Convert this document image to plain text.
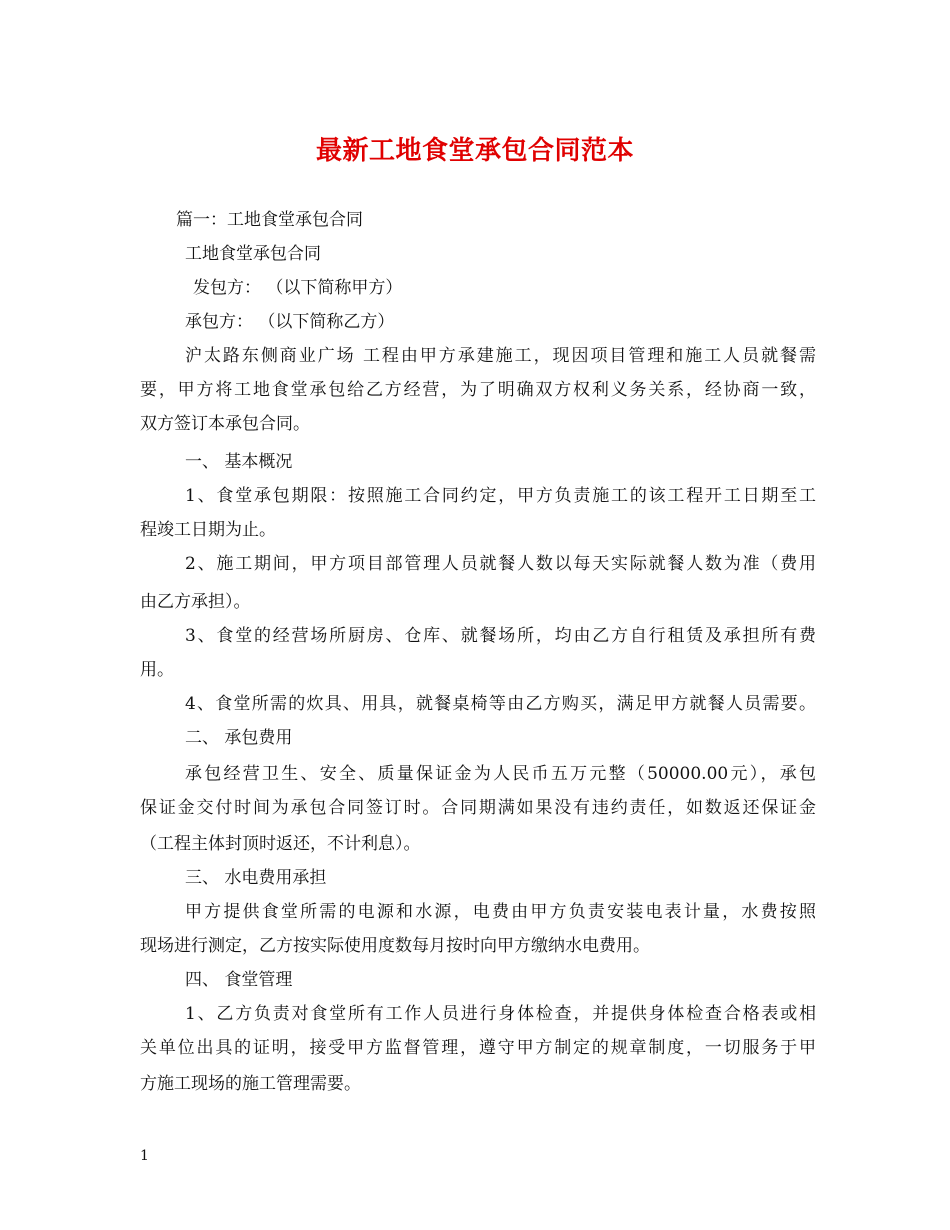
最新工地食堂承包合同范本
篇一：工地食堂承包合同
工地食堂承包合同
发包方： （以下简称甲方）
承包方： （以下简称乙方）
沪太路东侧商业广场 工程由甲方承建施工，现因项目管理和施工人员就餐需
要，甲方将工地食堂承包给乙方经营，为了明确双方权利义务关系，经协商一致，
双方签订本承包合同。
一、 基本概况
1、食堂承包期限：按照施工合同约定，甲方负责施工的该工程开工日期至工
程竣工日期为止。
2、施工期间，甲方项目部管理人员就餐人数以每天实际就餐人数为准（费用
由乙方承担）。
3、食堂的经营场所厨房、仓库、就餐场所，均由乙方自行租赁及承担所有费
用。
4、食堂所需的炊具、用具，就餐桌椅等由乙方购买，满足甲方就餐人员需要。
二、 承包费用
承包经营卫生、安全、质量保证金为人民币五万元整（50000.00元），承包
保证金交付时间为承包合同签订时。合同期满如果没有违约责任，如数返还保证金
（工程主体封顶时返还，不计利息）。
三、 水电费用承担
甲方提供食堂所需的电源和水源，电费由甲方负责安装电表计量，水费按照
现场进行测定，乙方按实际使用度数每月按时向甲方缴纳水电费用。
四、 食堂管理
1、乙方负责对食堂所有工作人员进行身体检查，并提供身体检查合格表或相
关单位出具的证明，接受甲方监督管理，遵守甲方制定的规章制度，一切服务于甲
方施工现场的施工管理需要。
1
